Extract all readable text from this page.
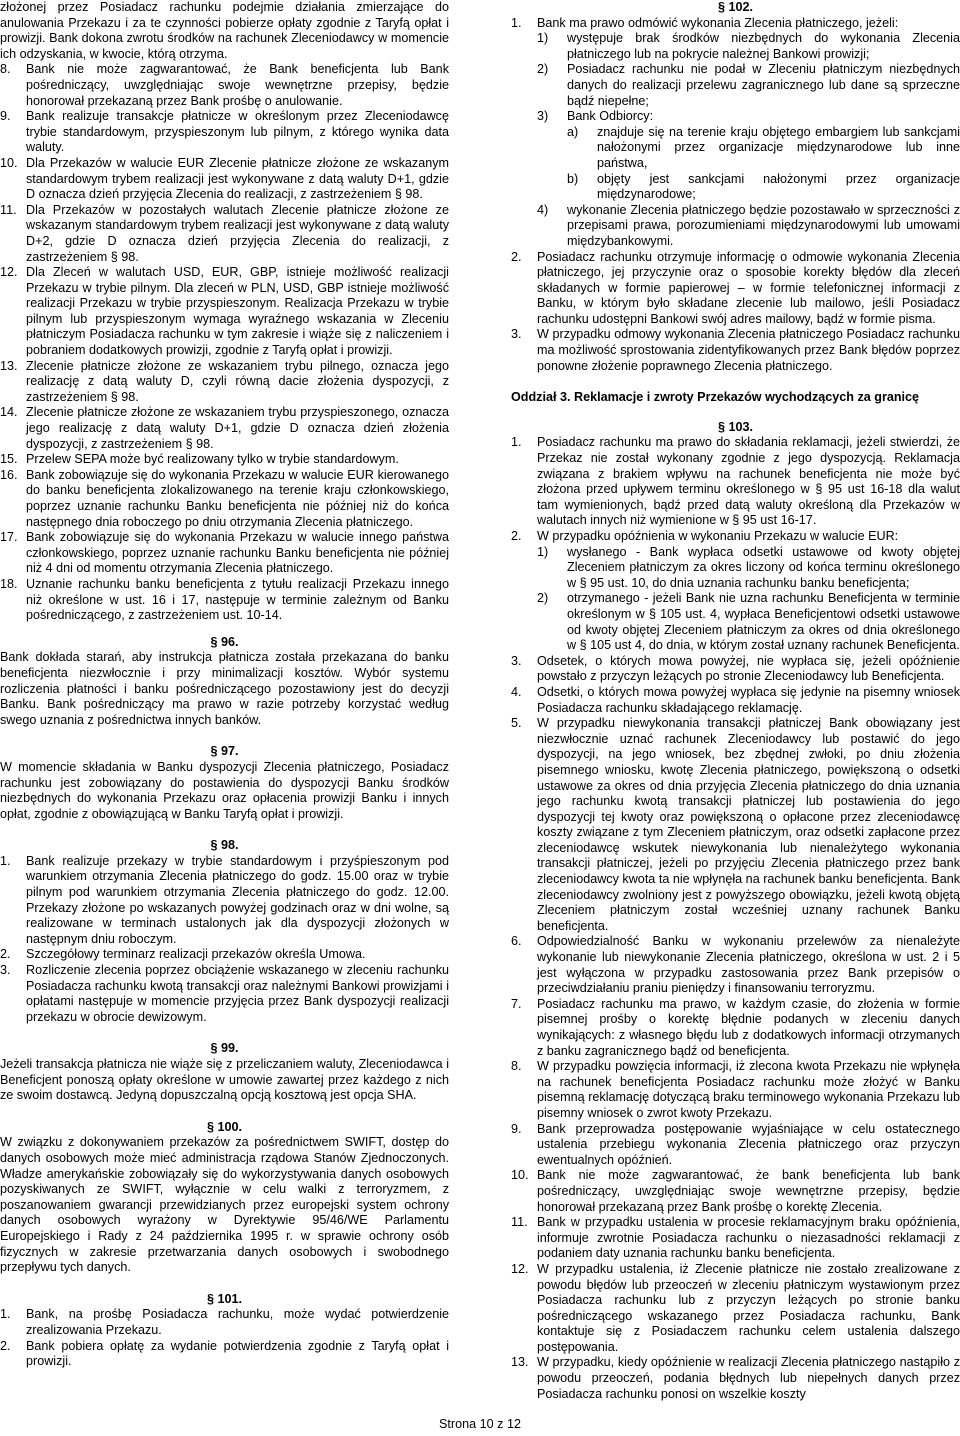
złożonej przez Posiadacz rachunku podejmie działania zmierzające do anulowania Przekazu i za te czynności pobierze opłaty zgodnie z Taryfą opłat i prowizji. Bank dokona zwrotu środków na rachunek Zleceniodawcy w momencie ich odzyskania, w kwocie, którą otrzyma.

8.	Bank nie może zagwarantować, że Bank beneficjenta lub Bank pośredniczący, uwzględniając swoje wewnętrzne przepisy, będzie honorował przekazaną przez Bank prośbę o anulowanie.
9.	Bank realizuje transakcje płatnicze w określonym przez Zleceniodawcę trybie standardowym, przyspieszonym lub pilnym, z którego wynika data waluty.
10. Dla Przekazów w walucie EUR Zlecenie płatnicze złożone ze wskazanym standardowym trybem realizacji jest wykonywane z datą waluty D+1, gdzie D oznacza dzień przyjęcia Zlecenia do realizacji, z zastrzeżeniem § 98.
11. Dla Przekazów w pozostałych walutach Zlecenie płatnicze złożone ze wskazanym standardowym trybem realizacji jest wykonywane z datą waluty D+2, gdzie D oznacza dzień przyjęcia Zlecenia do realizacji, z zastrzeżeniem § 98.
12. Dla Zleceń w walutach USD, EUR, GBP, istnieje możliwość realizacji Przekazu w trybie pilnym. Dla zleceń w PLN, USD, GBP istnieje możliwość realizacji Przekazu w trybie przyspieszonym. Realizacja Przekazu w trybie pilnym lub przyspieszonym wymaga wyraźnego wskazania w Zleceniu płatniczym Posiadacza rachunku w tym zakresie i wiąże się z naliczeniem i pobraniem dodatkowych prowizji, zgodnie z Taryfą opłat i prowizji.
13. Zlecenie płatnicze złożone ze wskazaniem trybu pilnego, oznacza jego realizację z datą waluty D, czyli równą dacie złożenia dyspozycji, z zastrzeżeniem § 98.
14. Zlecenie płatnicze złożone ze wskazaniem trybu przyspieszonego, oznacza jego realizację z datą waluty D+1, gdzie D oznacza dzień złożenia dyspozycji, z zastrzeżeniem § 98.
15. Przelew SEPA może być realizowany tylko w trybie standardowym.
16. Bank zobowiązuje się do wykonania Przekazu w walucie EUR kierowanego do banku beneficjenta zlokalizowanego na terenie kraju członkowskiego, poprzez uznanie rachunku Banku beneficjenta nie później niż do końca następnego dnia roboczego po dniu otrzymania Zlecenia płatniczego.
17. Bank zobowiązuje się do wykonania Przekazu w walucie innego państwa członkowskiego, poprzez uznanie rachunku Banku beneficjenta nie później niż 4 dni od momentu otrzymania Zlecenia płatniczego.
18. Uznanie rachunku banku beneficjenta z tytułu realizacji Przekazu innego niż określone w ust. 16 i 17, następuje w terminie zależnym od Banku pośredniczącego, z zastrzeżeniem ust. 10-14.

§ 96.

Bank dokłada starań, aby instrukcja płatnicza została przekazana do banku beneficjenta niezwłocznie i przy minimalizacji kosztów. Wybór systemu rozliczenia płatności i banku pośredniczącego pozostawiony jest do decyzji Banku. Bank pośredniczący ma prawo w razie potrzeby korzystać według swego uznania z pośrednictwa innych banków.

§ 97.

W momencie składania w Banku dyspozycji Zlecenia płatniczego, Posiadacz rachunku jest zobowiązany do postawienia do dyspozycji Banku środków niezbędnych do wykonania Przekazu oraz opłacenia prowizji Banku i innych opłat, zgodnie z obowiązującą w Banku Taryfą opłat i prowizji.

§ 98.

1.	Bank realizuje przekazy w trybie standardowym i przyśpieszonym pod warunkiem otrzymania Zlecenia płatniczego do godz. 15.00 oraz w trybie pilnym pod warunkiem otrzymania Zlecenia płatniczego do godz. 12.00. Przekazy złożone po wskazanych powyżej godzinach oraz w dni wolne, są realizowane w terminach ustalonych jak dla dyspozycji złożonych w następnym dniu roboczym.
2.	Szczegółowy terminarz realizacji przekazów określa Umowa.
3.	Rozliczenie zlecenia poprzez obciążenie wskazanego w zleceniu rachunku Posiadacza rachunku kwotą transakcji oraz należnymi Bankowi prowizjami i opłatami następuje w momencie przyjęcia przez Bank dyspozycji realizacji przekazu w obrocie dewizowym.

§ 99.

Jeżeli transakcja płatnicza nie wiąże się z przeliczaniem waluty, Zleceniodawca i Beneficjent ponoszą opłaty określone w umowie zawartej przez każdego z nich ze swoim dostawcą. Jedyną dopuszczalną opcją kosztową jest opcja SHA.

§ 100.

W związku z dokonywaniem przekazów za pośrednictwem SWIFT, dostęp do danych osobowych może mieć administracja rządowa Stanów Zjednoczonych. Władze amerykańskie zobowiązały się do wykorzystywania danych osobowych pozyskiwanych ze SWIFT, wyłącznie w celu walki z terroryzmem, z poszanowaniem gwarancji przewidzianych przez europejski system ochrony danych osobowych wyrażony w Dyrektywie 95/46/WE Parlamentu Europejskiego i Rady z 24 października 1995 r. w sprawie ochrony osób fizycznych w zakresie przetwarzania danych osobowych i swobodnego przepływu tych danych.

§ 101.

1.	Bank, na prośbę Posiadacza rachunku, może wydać potwierdzenie zrealizowania Przekazu.
2.	Bank pobiera opłatę za wydanie potwierdzenia zgodnie z Taryfą opłat i prowizji.

§ 102.

1.	Bank ma prawo odmówić wykonania Zlecenia płatniczego, jeżeli:
1)	występuje brak środków niezbędnych do wykonania Zlecenia płatniczego lub na pokrycie należnej Bankowi prowizji;
2)	Posiadacz rachunku nie podał w Zleceniu płatniczym niezbędnych danych do realizacji przelewu zagranicznego lub dane są sprzeczne bądź niepełne;
3)	Bank Odbiorcy:
a)	znajduje się na terenie kraju objętego embargiem lub sankcjami nałożonymi przez organizacje międzynarodowe lub inne państwa,
b)	objęty jest sankcjami nałożonymi przez organizacje międzynarodowe;
4)	wykonanie Zlecenia płatniczego będzie pozostawało w sprzeczności z przepisami prawa, porozumieniami międzynarodowymi lub umowami międzybankowymi.
2.	Posiadacz rachunku otrzymuje informację o odmowie wykonania Zlecenia płatniczego, jej przyczynie oraz o sposobie korekty błędów dla zleceń składanych w formie papierowej – w formie telefonicznej informacji z Banku, w którym było składane zlecenie lub mailowo, jeśli Posiadacz rachunku udostępni Bankowi swój adres mailowy, bądź w formie pisma.
3.	W przypadku odmowy wykonania Zlecenia płatniczego Posiadacz rachunku ma możliwość sprostowania zidentyfikowanych przez Bank błędów poprzez ponowne złożenie poprawnego Zlecenia płatniczego.

Oddział 3. Reklamacje i zwroty Przekazów wychodzących za granicę

§ 103.

1.	Posiadacz rachunku ma prawo do składania reklamacji, jeżeli stwierdzi, że Przekaz nie został wykonany zgodnie z jego dyspozycją. Reklamacja związana z brakiem wpływu na rachunek beneficjenta nie może być złożona przed upływem terminu określonego w § 95 ust 16-18 dla walut tam wymienionych, bądź przed datą waluty określoną dla Przekazów w walutach innych niż wymienione w § 95 ust 16-17.
2.	W przypadku opóźnienia w wykonaniu Przekazu w walucie EUR:
1)	wysłanego - Bank wypłaca odsetki ustawowe od kwoty objętej Zleceniem płatniczym za okres liczony od końca terminu określonego w § 95 ust. 10, do dnia uznania rachunku banku beneficjenta;
2)	otrzymanego - jeżeli Bank nie uzna rachunku Beneficjenta w terminie określonym w § 105 ust. 4, wypłaca Beneficjentowi odsetki ustawowe od kwoty objętej Zleceniem płatniczym za okres od dnia określonego w § 105 ust 4, do dnia, w którym został uznany rachunek Beneficjenta.
3.	Odsetek, o których mowa powyżej, nie wypłaca się, jeżeli opóźnienie powstało z przyczyn leżących po stronie Zleceniodawcy lub Beneficjenta.
4.	Odsetki, o których mowa powyżej wypłaca się jedynie na pisemny wniosek Posiadacza rachunku składającego reklamację.
5.	W przypadku niewykonania transakcji płatniczej Bank obowiązany jest niezwłocznie uznać rachunek Zleceniodawcy lub postawić do jego dyspozycji, na jego wniosek, bez zbędnej zwłoki, po dniu złożenia pisemnego wniosku, kwotę Zlecenia płatniczego, powiększoną o odsetki ustawowe za okres od dnia przyjęcia Zlecenia płatniczego do dnia uznania jego rachunku kwotą transakcji płatniczej lub postawienia do jego dyspozycji tej kwoty oraz powiększoną o opłacone przez zleceniodawcę koszty związane z tym Zleceniem płatniczym, oraz odsetki zapłacone przez zleceniodawcę wskutek niewykonania lub nienależytego wykonania transakcji płatniczej, jeżeli po przyjęciu Zlecenia płatniczego przez bank zleceniodawcy kwota ta nie wpłynęła na rachunek banku beneficjenta. Bank zleceniodawcy zwolniony jest z powyższego obowiązku, jeżeli kwotą objętą Zleceniem płatniczym został wcześniej uznany rachunek Banku beneficjenta.
6.	Odpowiedzialność Banku w wykonaniu przelewów za nienależyte wykonanie lub niewykonanie Zlecenia płatniczego, określona w ust. 2 i 5 jest wyłączona w przypadku zastosowania przez Bank przepisów o przeciwdziałaniu praniu pieniędzy i finansowaniu terroryzmu.
7.	Posiadacz rachunku ma prawo, w każdym czasie, do złożenia w formie pisemnej prośby o korektę błędnie podanych w zleceniu danych wynikających: z własnego błędu lub z dodatkowych informacji otrzymanych z banku zagranicznego bądź od beneficjenta.
8.	W przypadku powzięcia informacji, iż zlecona kwota Przekazu nie wpłynęła na rachunek beneficjenta Posiadacz rachunku może złożyć w Banku pisemną reklamację dotyczącą braku terminowego wykonania Przekazu lub pisemny wniosek o zwrot kwoty Przekazu.
9.	Bank przeprowadza postępowanie wyjaśniające w celu ostatecznego ustalenia przebiegu wykonania Zlecenia płatniczego oraz przyczyn ewentualnych opóźnień.
10. Bank nie może zagwarantować, że bank beneficjenta lub bank pośredniczący, uwzględniając swoje wewnętrzne przepisy, będzie honorował przekazaną przez Bank prośbę o korektę Zlecenia.
11. Bank w przypadku ustalenia w procesie reklamacyjnym braku opóźnienia, informuje zwrotnie Posiadacza rachunku o niezasadności reklamacji z podaniem daty uznania rachunku banku beneficjenta.
12. W przypadku ustalenia, iż Zlecenie płatnicze nie zostało zrealizowane z powodu błędów lub przeoczeń w zleceniu płatniczym wystawionym przez Posiadacza rachunku lub z przyczyn leżących po stronie banku pośredniczącego wskazanego przez Posiadacza rachunku, Bank kontaktuje się z Posiadaczem rachunku celem ustalenia dalszego postępowania.
13. W przypadku, kiedy opóźnienie w realizacji Zlecenia płatniczego nastąpiło z powodu przeoczeń, podania błędnych lub niepełnych danych przez Posiadacza rachunku ponosi on wszelkie koszty
Strona 10 z 12
